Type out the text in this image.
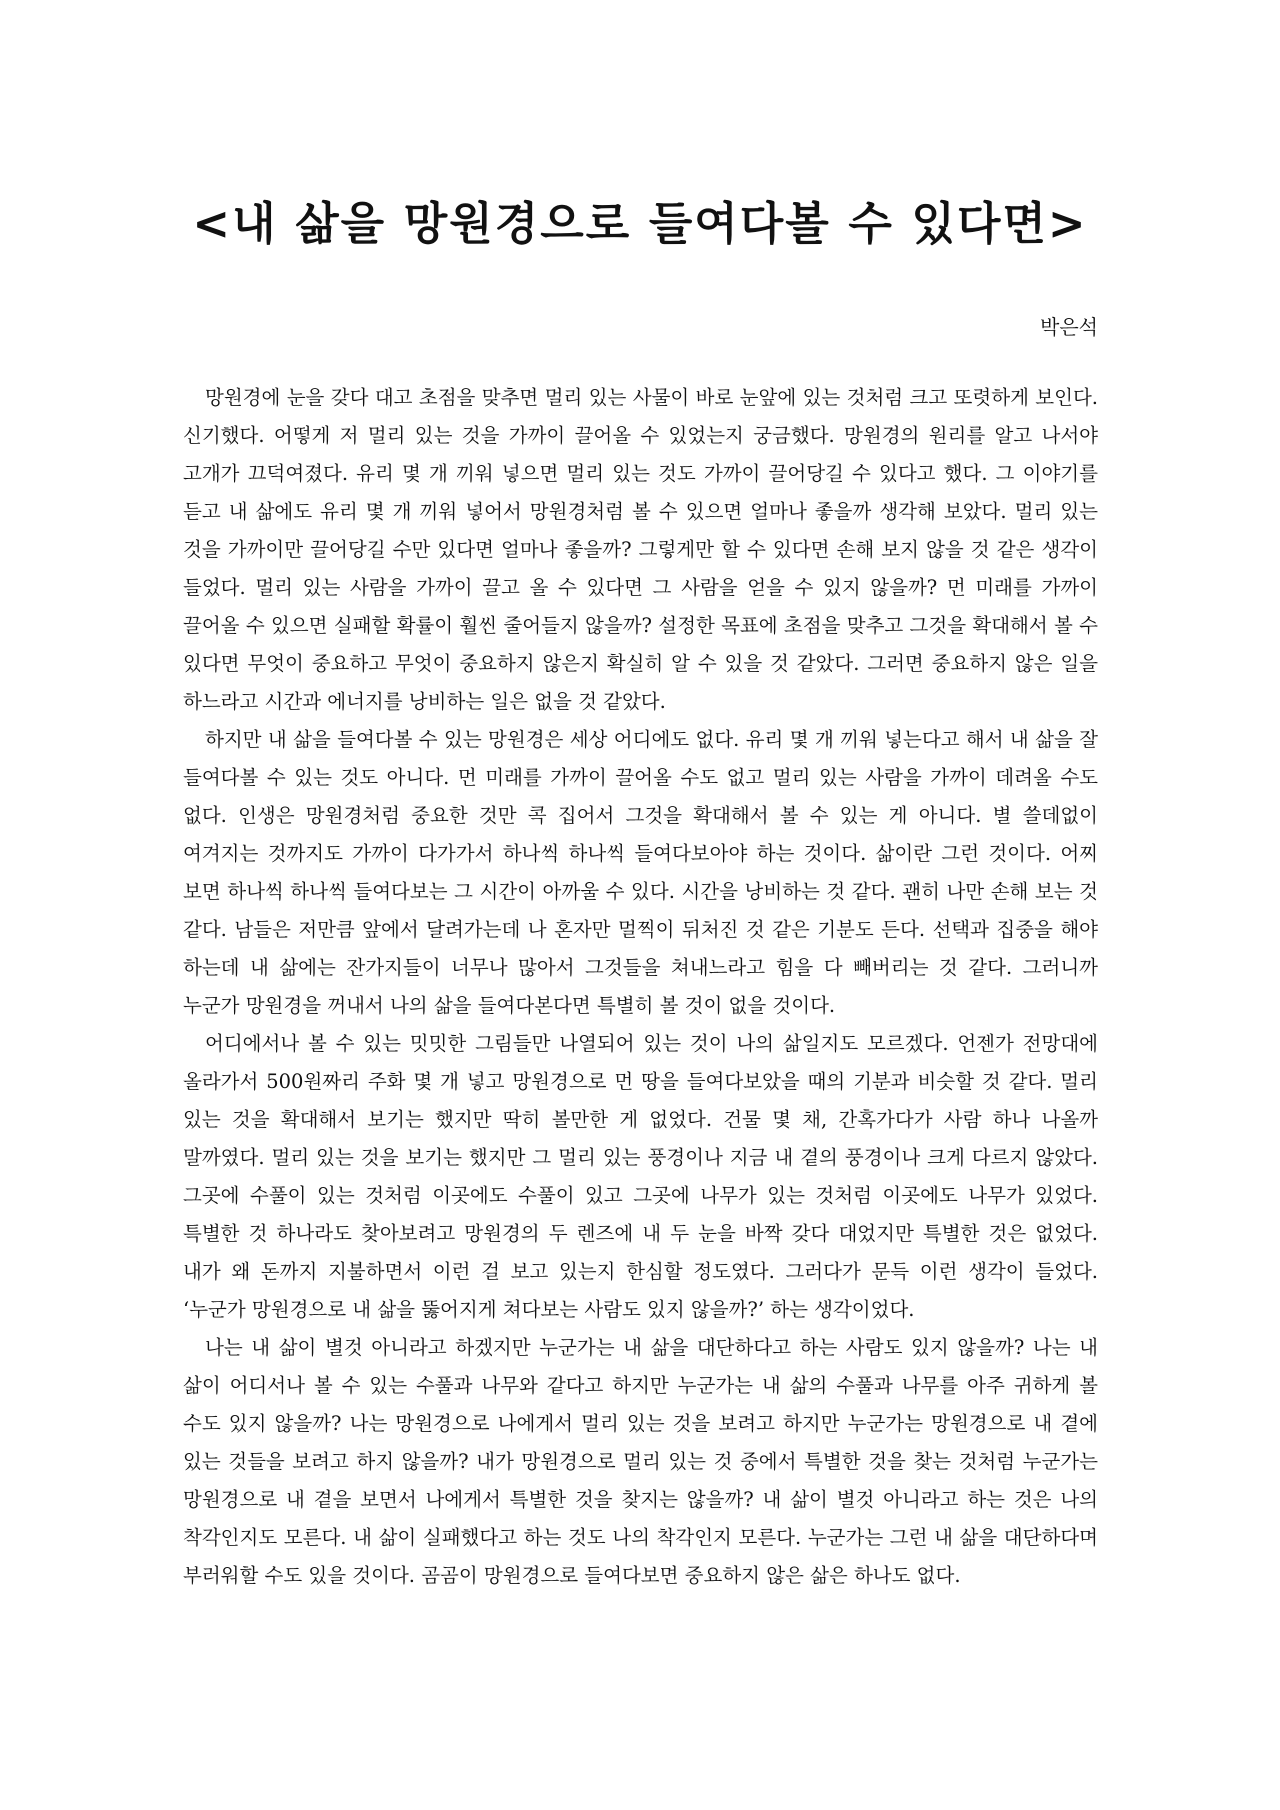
<내 삶을 망원경으로 들여다볼 수 있다면>
박은석

망원경에 눈을 갖다 대고 초점을 맞추면 멀리 있는 사물이 바로 눈앞에 있는 것처럼 크고 또렷하게 보인다. 신기했다. 어떻게 저 멀리 있는 것을 가까이 끌어올 수 있었는지 궁금했다. 망원경의 원리를 알고 나서야 고개가 끄덕여졌다. 유리 몇 개 끼워 넣으면 멀리 있는 것도 가까이 끌어당길 수 있다고 했다. 그 이야기를 듣고 내 삶에도 유리 몇 개 끼워 넣어서 망원경처럼 볼 수 있으면 얼마나 좋을까 생각해 보았다. 멀리 있는 것을 가까이만 끌어당길 수만 있다면 얼마나 좋을까? 그렇게만 할 수 있다면 손해 보지 않을 것 같은 생각이 들었다. 멀리 있는 사람을 가까이 끌고 올 수 있다면 그 사람을 얻을 수 있지 않을까? 먼 미래를 가까이 끌어올 수 있으면 실패할 확률이 훨씬 줄어들지 않을까? 설정한 목표에 초점을 맞추고 그것을 확대해서 볼 수 있다면 무엇이 중요하고 무엇이 중요하지 않은지 확실히 알 수 있을 것 같았다. 그러면 중요하지 않은 일을 하느라고 시간과 에너지를 낭비하는 일은 없을 것 같았다.

하지만 내 삶을 들여다볼 수 있는 망원경은 세상 어디에도 없다. 유리 몇 개 끼워 넣는다고 해서 내 삶을 잘 들여다볼 수 있는 것도 아니다. 먼 미래를 가까이 끌어올 수도 없고 멀리 있는 사람을 가까이 데려올 수도 없다. 인생은 망원경처럼 중요한 것만 콕 집어서 그것을 확대해서 볼 수 있는 게 아니다. 별 쓸데없이 여겨지는 것까지도 가까이 다가가서 하나씩 하나씩 들여다보아야 하는 것이다. 삶이란 그런 것이다. 어찌 보면 하나씩 하나씩 들여다보는 그 시간이 아까울 수 있다. 시간을 낭비하는 것 같다. 괜히 나만 손해 보는 것 같다. 남들은 저만큼 앞에서 달려가는데 나 혼자만 멀찍이 뒤처진 것 같은 기분도 든다. 선택과 집중을 해야 하는데 내 삶에는 잔가지들이 너무나 많아서 그것들을 쳐내느라고 힘을 다 빼버리는 것 같다. 그러니까 누군가 망원경을 꺼내서 나의 삶을 들여다본다면 특별히 볼 것이 없을 것이다.

어디에서나 볼 수 있는 밋밋한 그림들만 나열되어 있는 것이 나의 삶일지도 모르겠다. 언젠가 전망대에 올라가서 500원짜리 주화 몇 개 넣고 망원경으로 먼 땅을 들여다보았을 때의 기분과 비슷할 것 같다. 멀리 있는 것을 확대해서 보기는 했지만 딱히 볼만한 게 없었다. 건물 몇 채, 간혹가다가 사람 하나 나올까 말까였다. 멀리 있는 것을 보기는 했지만 그 멀리 있는 풍경이나 지금 내 곁의 풍경이나 크게 다르지 않았다. 그곳에 수풀이 있는 것처럼 이곳에도 수풀이 있고 그곳에 나무가 있는 것처럼 이곳에도 나무가 있었다. 특별한 것 하나라도 찾아보려고 망원경의 두 렌즈에 내 두 눈을 바짝 갖다 대었지만 특별한 것은 없었다. 내가 왜 돈까지 지불하면서 이런 걸 보고 있는지 한심할 정도였다. 그러다가 문득 이런 생각이 들었다. ‘누군가 망원경으로 내 삶을 뚫어지게 쳐다보는 사람도 있지 않을까?’ 하는 생각이었다.

나는 내 삶이 별것 아니라고 하겠지만 누군가는 내 삶을 대단하다고 하는 사람도 있지 않을까? 나는 내 삶이 어디서나 볼 수 있는 수풀과 나무와 같다고 하지만 누군가는 내 삶의 수풀과 나무를 아주 귀하게 볼 수도 있지 않을까? 나는 망원경으로 나에게서 멀리 있는 것을 보려고 하지만 누군가는 망원경으로 내 곁에 있는 것들을 보려고 하지 않을까? 내가 망원경으로 멀리 있는 것 중에서 특별한 것을 찾는 것처럼 누군가는 망원경으로 내 곁을 보면서 나에게서 특별한 것을 찾지는 않을까? 내 삶이 별것 아니라고 하는 것은 나의 착각인지도 모른다. 내 삶이 실패했다고 하는 것도 나의 착각인지 모른다. 누군가는 그런 내 삶을 대단하다며 부러워할 수도 있을 것이다. 곰곰이 망원경으로 들여다보면 중요하지 않은 삶은 하나도 없다.
